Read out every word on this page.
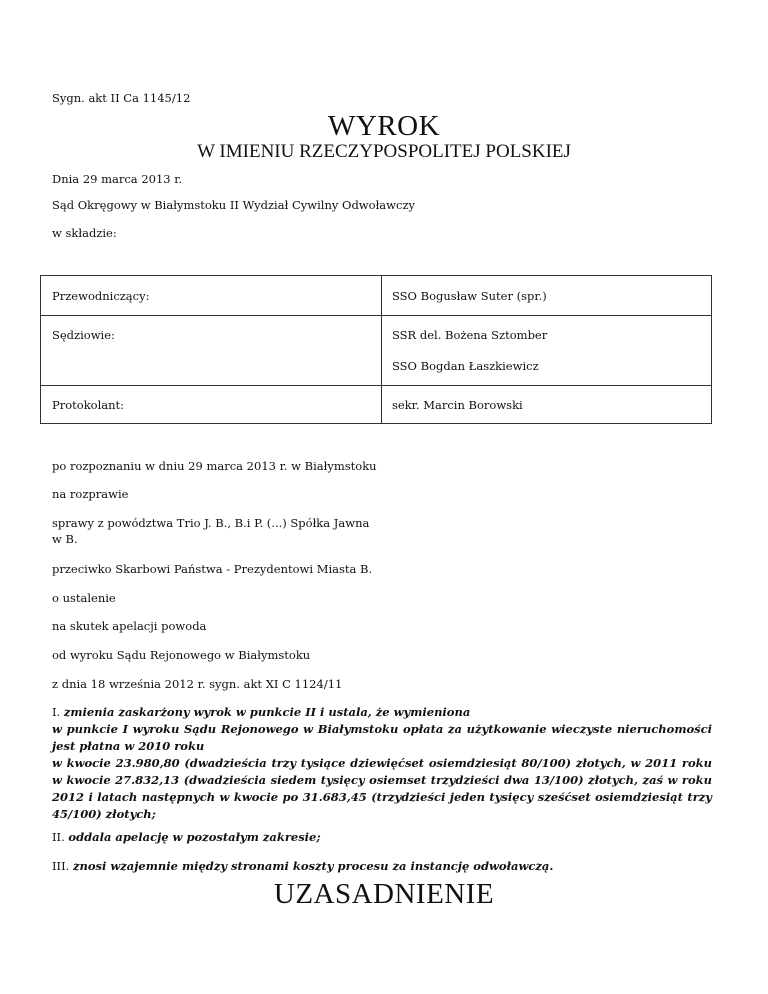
Sygn. akt II Ca 1145/12
WYROK
W IMIENIU RZECZYPOSPOLITEJ POLSKIEJ
Dnia 29 marca 2013 r.
Sąd Okręgowy w Białymstoku II Wydział Cywilny Odwoławczy
w składzie:
Przewodniczący:	SSO Bogusław Suter (spr.)
Sędziowie:	SSR del. Bożena Sztomber
SSO Bogdan Łaszkiewicz
Protokolant:	sekr. Marcin Borowski
po rozpoznaniu w dniu 29 marca 2013 r. w Białymstoku
na rozprawie
sprawy z powództwa Trio J. B., B.i P. (...) Spółka Jawna
w B.
przeciwko Skarbowi Państwa - Prezydentowi Miasta B.
o ustalenie
na skutek apelacji powoda
od wyroku Sądu Rejonowego w Białymstoku
z dnia 18 września 2012 r. sygn. akt XI C 1124/11
I. zmienia zaskarżony wyrok w punkcie II i ustala, że wymieniona
w punkcie I wyroku Sądu Rejonowego w Białymstoku opłata za użytkowanie wieczyste nieruchomości jest płatna w 2010 roku
w kwocie 23.980,80 (dwadzieścia trzy tysiące dziewięćset osiemdziesiąt 80/100) złotych, w 2011 roku w kwocie 27.832,13 (dwadzieścia siedem tysięcy osiemset trzydzieści dwa 13/100) złotych, zaś w roku 2012 i latach następnych w kwocie po 31.683,45 (trzydzieści jeden tysięcy sześćset osiemdziesiąt trzy 45/100) złotych;
II. oddala apelację w pozostałym zakresie;
III. znosi wzajemnie między stronami koszty procesu za instancję odwoławczą.
UZASADNIENIE
